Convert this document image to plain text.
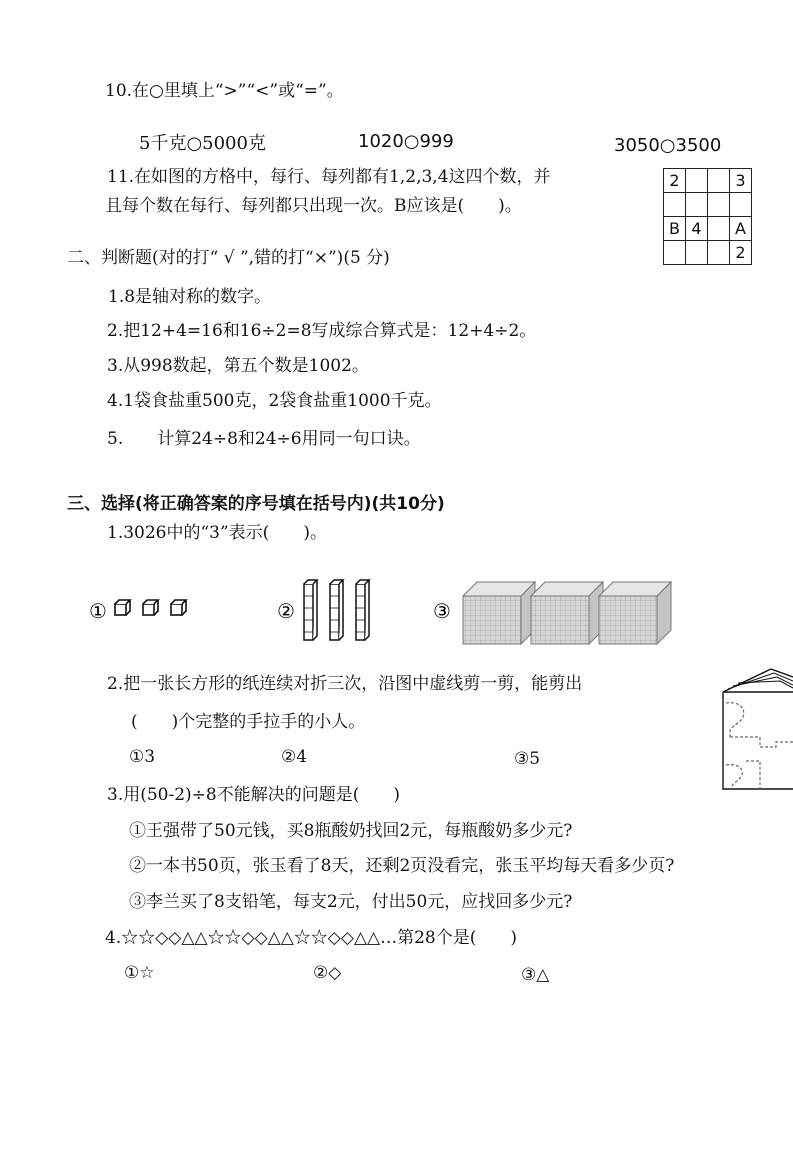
10.在○里填上“>”“<”或“=”。
5千克○5000克	1020○999	3050○3500
11.在如图的方格中，每行、每列都有1,2,3,4这四个数，并
且每个数在每行、每列都只出现一次。B应该是(　　)。
2			3

B	4		A
			2
二、判断题(对的打“ √ ”,错的打“×”)(5 分)
1.8是轴对称的数字。
2.把12+4=16和16÷2=8写成综合算式是：12+4÷2。
3.从998数起，第五个数是1002。
4.1袋食盐重500克，2袋食盐重1000千克。
5.　　计算24÷8和24÷6用同一句口诀。
三、选择(将正确答案的序号填在括号内)(共10分)
1.3026中的“3”表示(　　)。
①	②	③
2.把一张长方形的纸连续对折三次，沿图中虚线剪一剪，能剪出
(　　)个完整的手拉手的小人。
①3	②4	③5
3.用(50-2)÷8不能解决的问题是(　　)
①王强带了50元钱，买8瓶酸奶找回2元，每瓶酸奶多少元?
②一本书50页，张玉看了8天，还剩2页没看完，张玉平均每天看多少页?
③李兰买了8支铅笔，每支2元，付出50元，应找回多少元?
4.☆☆◇◇△△☆☆◇◇△△☆☆◇◇△△…第28个是(　　)
①☆	②◇	③△
